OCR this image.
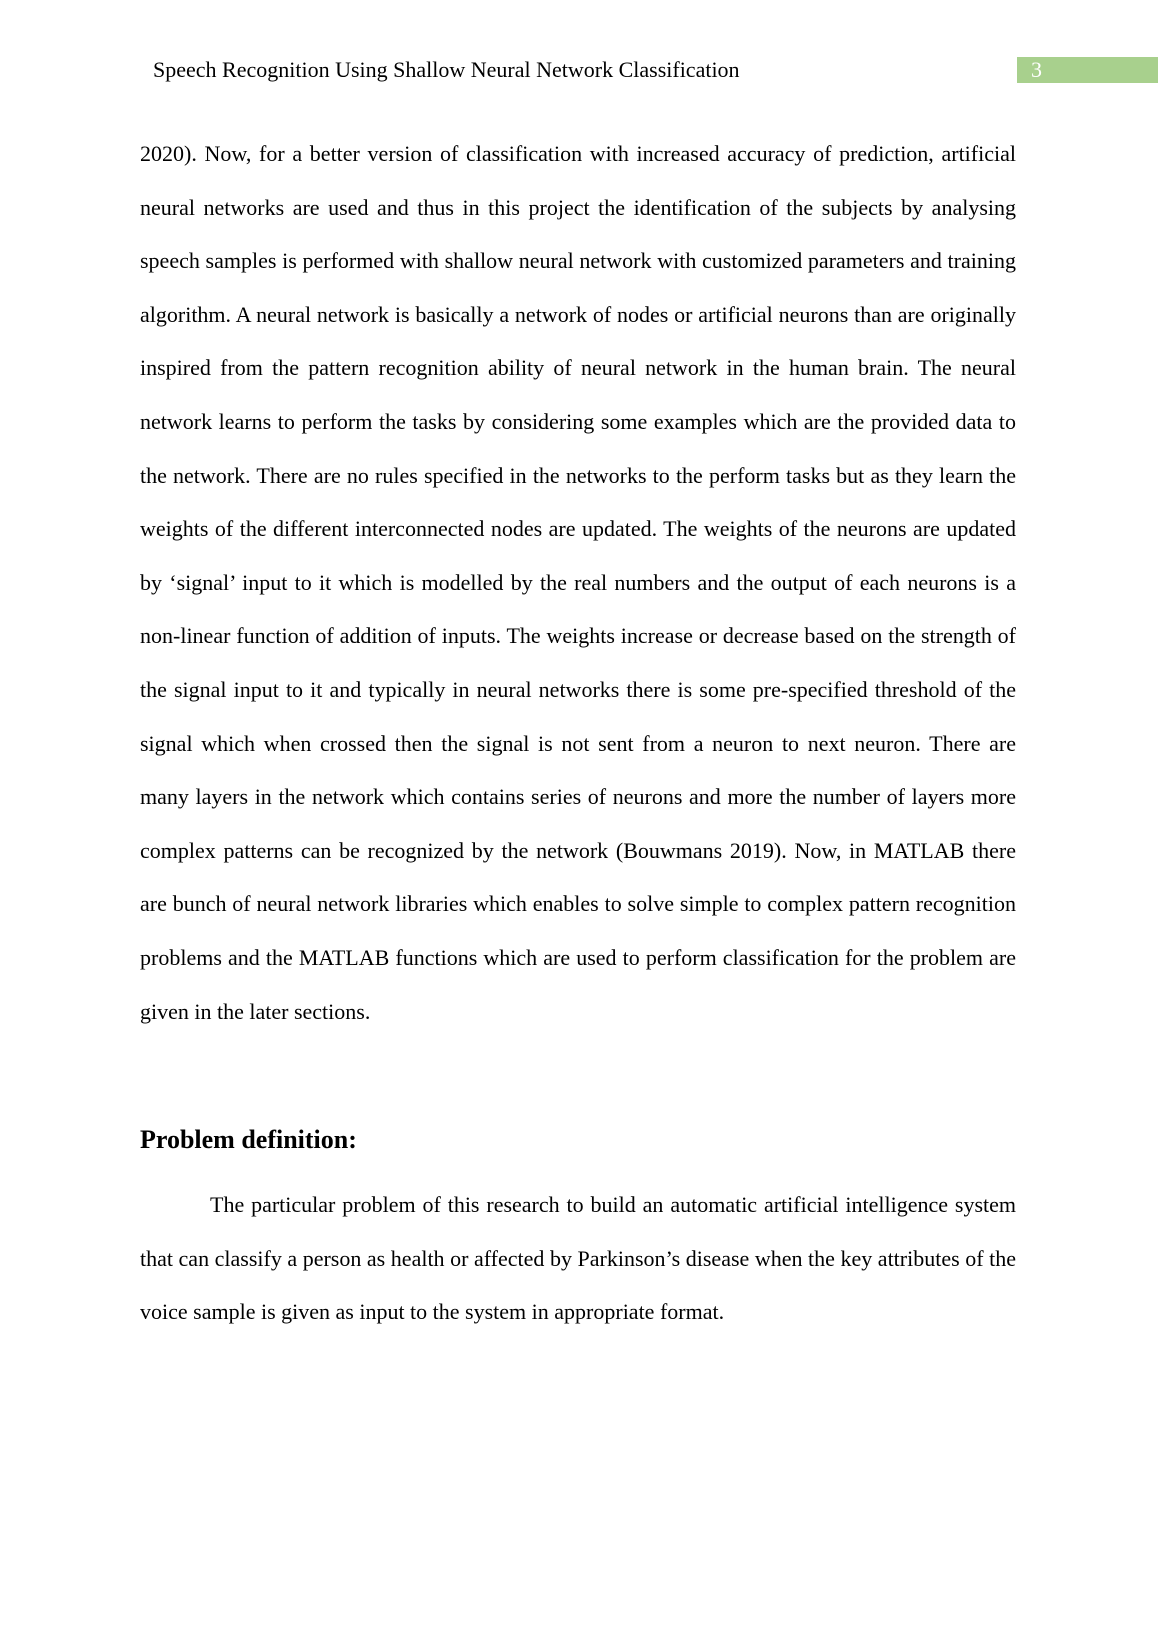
Speech Recognition Using Shallow Neural Network Classification	3

2020). Now, for a better version of classification with increased accuracy of prediction, artificial neural networks are used and thus in this project the identification of the subjects by analysing speech samples is performed with shallow neural network with customized parameters and training algorithm. A neural network is basically a network of nodes or artificial neurons than are originally inspired from the pattern recognition ability of neural network in the human brain. The neural network learns to perform the tasks by considering some examples which are the provided data to the network. There are no rules specified in the networks to the perform tasks but as they learn the weights of the different interconnected nodes are updated. The weights of the neurons are updated by ‘signal’ input to it which is modelled by the real numbers and the output of each neurons is a non-linear function of addition of inputs. The weights increase or decrease based on the strength of the signal input to it and typically in neural networks there is some pre-specified threshold of the signal which when crossed then the signal is not sent from a neuron to next neuron. There are many layers in the network which contains series of neurons and more the number of layers more complex patterns can be recognized by the network (Bouwmans 2019). Now, in MATLAB there are bunch of neural network libraries which enables to solve simple to complex pattern recognition problems and the MATLAB functions which are used to perform classification for the problem are given in the later sections.

Problem definition:

The particular problem of this research to build an automatic artificial intelligence system that can classify a person as health or affected by Parkinson’s disease when the key attributes of the voice sample is given as input to the system in appropriate format.
